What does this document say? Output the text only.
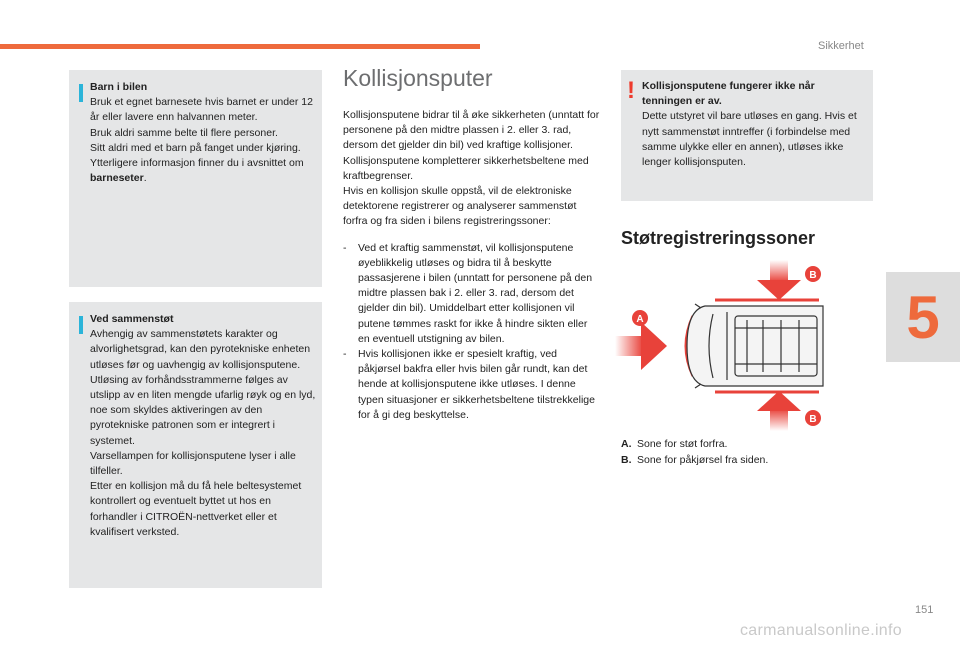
Sikkerhet
5

Barn i bilen

Bruk et egnet barnesete hvis barnet er under 12 år eller lavere enn halvannen meter.

Bruk aldri samme belte til flere personer.

Sitt aldri med et barn på fanget under kjøring.

Ytterligere informasjon finner du i avsnittet om barneseter.

Ved sammenstøt

Avhengig av sammenstøtets karakter og alvorlighetsgrad, kan den pyrotekniske enheten utløses før og uavhengig av kollisjonsputene. Utløsing av forhåndsstrammerne følges av utslipp av en liten mengde ufarlig røyk og en lyd, noe som skyldes aktiveringen av den pyrotekniske patronen som er integrert i systemet.

Varsellampen for kollisjonsputene lyser i alle tilfeller.

Etter en kollisjon må du få hele beltesystemet kontrollert og eventuelt byttet ut hos en forhandler i CITROËN-nettverket eller et kvalifisert verksted.

Kollisjonsputer

Kollisjonsputene bidrar til å øke sikkerheten (unntatt for personene på den midtre plassen i 2. eller 3. rad, dersom det gjelder din bil) ved kraftige kollisjoner. Kollisjonsputene kompletterer sikkerhetsbeltene med kraftbegrenser.

Hvis en kollisjon skulle oppstå, vil de elektroniske detektorene registrerer og analyserer sammenstøt forfra og fra siden i bilens registreringssoner:

- Ved et kraftig sammenstøt, vil kollisjonsputene øyeblikkelig utløses og bidra til å beskytte passasjerene i bilen (unntatt for personene på den midtre plassen bak i 2. eller 3. rad, dersom det gjelder din bil). Umiddelbart etter kollisjonen vil putene tømmes raskt for ikke å hindre sikten eller en eventuell utstigning av bilen.
- Hvis kollisjonen ikke er spesielt kraftig, ved påkjørsel bakfra eller hvis bilen går rundt, kan det hende at kollisjonsputene ikke utløses. I denne typen situasjoner er sikkerhetsbeltene tilstrekkelige for å gi deg beskyttelse.
! Kollisjonsputene fungerer ikke når tenningen er av.

Dette utstyret vil bare utløses en gang. Hvis et nytt sammenstøt inntreffer (i forbindelse med samme ulykke eller en annen), utløses ikke lenger kollisjonsputen.

Støtregistreringssoner
B
A
B
A. Sone for støt forfra.
B. Sone for påkjørsel fra siden.
151
carmanualsonline.info
